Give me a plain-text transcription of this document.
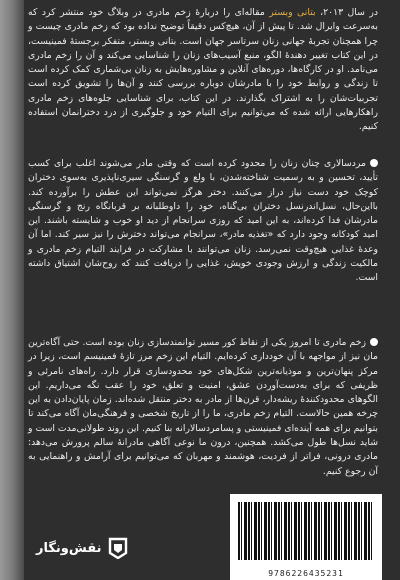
در سال ۲۰۱۳، بتانی وبستر مقاله‌ای را دربارهٔ زخم مادری در وبلاگ خود منتشر کرد که به‌سرعت وایرال شد. تا پیش از آن، هیچ‌کس دقیقاً توضیح نداده بود که زخم مادری چیست و چرا همچنان تجربهٔ جهانی زنان سرتاسر جهان است. بتانی وبستر، متفکر برجستهٔ فمینیست، در این کتاب تغییر دهندهٔ الگو، منبع آسیب‌های زنان را شناسایی می‌کند و آن را زخم مادری می‌نامد. او در کارگاه‌ها، دوره‌های آنلاین و مشاوره‌هایش به زنان بی‌شماری کمک کرده است تا زندگی و روابط خود را با مادرشان دوباره بررسی کنند و آن‌ها را تشویق کرده است تجربیات‌شان را به اشتراک بگذارند. در این کتاب، برای شناسایی جلوه‌های زخم مادری راهکارهایی ارائه شده که می‌توانیم برای التیام خود و جلوگیری از درد دخترانمان استفاده کنیم.

مردسالاری چنان زنان را محدود کرده است که وقتی مادر می‌شوند اغلب برای کسب تأیید، تحسین و به رسمیت شناخته‌شدن، با ولع و گرسنگی سیری‌ناپذیری به‌سوی دختران کوچک خود دست نیاز دراز می‌کنند. دختر هرگز نمی‌تواند این عطش را برآورده کند. بااین‌حال، نسل‌اندرنسل دختران بی‌گناه، خود را داوطلبانه بر قربانگاه رنج و گرسنگی مادرشان فدا کرده‌اند، به این امید که روزی سرانجام از دید او خوب و شایسته باشند. این امید کودکانه وجود دارد که «تغذیه مادر»، سرانجام می‌تواند دخترش را نیز سیر کند. اما آن وعدهٔ غذایی هیچ‌وقت نمی‌رسد. زنان می‌توانند با مشارکت در فرایند التیام زخم مادری و مالکیت زندگی و ارزش وجودی خویش، غذایی را دریافت کنند که روح‌شان اشتیاق داشته است.

زخم مادری تا امروز یکی از نقاط کور مسیر توانمندسازی زنان بوده است. حتی آگاه‌ترین مان نیز از مواجهه با آن خودداری کرده‌ایم. التیام این زخم مرز تازهٔ فمینیسم است، زیرا در مرکز پنهان‌ترین و موذیانه‌ترین شکل‌های خود محدودسازی قرار دارد. راه‌های نامرئی و ظریفی که برای به‌دست‌آوردن عشق، امنیت و تعلق، خود را عقب نگه می‌داریم. این الگوهای محدودکنندهٔ ریشه‌دار، قرن‌ها از مادر به دختر منتقل شده‌اند. زمان پایان‌دادن به این چرخه همین حالاست. التیام زخم مادری، ما را از تاریخ شخصی و فرهنگی‌مان آگاه می‌کند تا بتوانیم برای همه آینده‌ای فمینیستی و پسامردسالارانه بنا کنیم. این روند طولانی‌مدت است و شاید نسل‌ها طول می‌کشد. همچنین، درون ما نوعی آگاهی مادرانهٔ سالم پرورش می‌دهد: مادری درونی، فراتر از فردیت، هوشمند و مهربان که می‌توانیم برای آرامش و راهنمایی به آن رجوع کنیم.

نقش‌ونگار
9786226435231
